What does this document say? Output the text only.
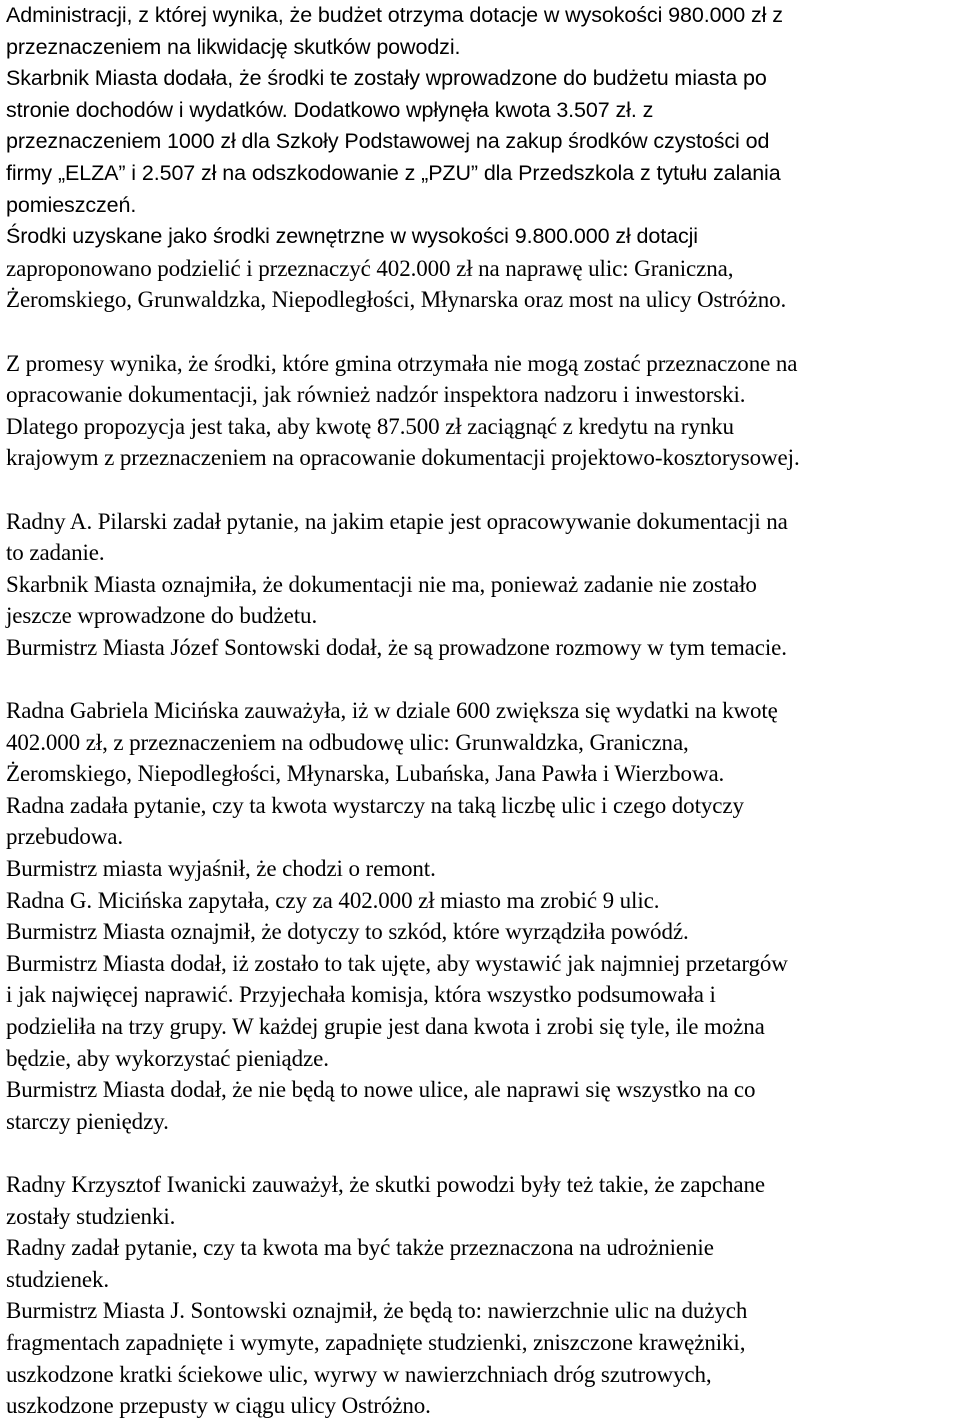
Administracji, z której wynika, że budżet otrzyma dotacje w wysokości 980.000 zł z
przeznaczeniem na likwidację skutków powodzi.
Skarbnik Miasta dodała, że środki te zostały wprowadzone do budżetu miasta po
stronie dochodów i wydatków. Dodatkowo wpłynęła kwota 3.507 zł. z
przeznaczeniem 1000 zł dla Szkoły Podstawowej na zakup środków czystości od
firmy „ELZA” i 2.507 zł na odszkodowanie z „PZU” dla Przedszkola z tytułu zalania
pomieszczeń.
Środki uzyskane jako środki zewnętrzne w wysokości 9.800.000 zł dotacji
zaproponowano podzielić i przeznaczyć 402.000 zł na naprawę ulic: Graniczna,
Żeromskiego, Grunwaldzka, Niepodległości, Młynarska oraz most na ulicy Ostróżno.
Z promesy wynika, że środki, które gmina otrzymała nie mogą zostać przeznaczone na
opracowanie dokumentacji, jak również nadzór inspektora nadzoru i inwestorski.
Dlatego propozycja jest taka, aby kwotę 87.500 zł zaciągnąć z kredytu na rynku
krajowym z przeznaczeniem na opracowanie dokumentacji projektowo-kosztorysowej.
Radny A. Pilarski zadał pytanie, na jakim etapie jest opracowywanie dokumentacji na
to zadanie.
Skarbnik Miasta oznajmiła, że dokumentacji nie ma, ponieważ zadanie nie zostało
jeszcze wprowadzone do budżetu.
Burmistrz Miasta Józef Sontowski dodał, że są prowadzone rozmowy w tym temacie.
Radna Gabriela Micińska zauważyła, iż w dziale 600 zwiększa się wydatki na kwotę
402.000 zł, z przeznaczeniem na odbudowę ulic: Grunwaldzka, Graniczna,
Żeromskiego, Niepodległości, Młynarska, Lubańska, Jana Pawła i Wierzbowa.
Radna zadała pytanie, czy ta kwota wystarczy na taką liczbę ulic i czego dotyczy
przebudowa.
Burmistrz miasta wyjaśnił, że chodzi o remont.
Radna G. Micińska zapytała, czy za 402.000 zł miasto ma zrobić 9 ulic.
Burmistrz Miasta oznajmił, że dotyczy to szkód, które wyrządziła powódź.
Burmistrz Miasta dodał, iż zostało to tak ujęte, aby wystawić jak najmniej przetargów
i jak najwięcej naprawić. Przyjechała komisja, która wszystko podsumowała i
podzieliła na trzy grupy. W każdej grupie jest dana kwota i zrobi się tyle, ile można
będzie, aby wykorzystać pieniądze.
Burmistrz Miasta dodał, że nie będą to nowe ulice, ale naprawi się wszystko na co
starczy pieniędzy.
Radny Krzysztof Iwanicki zauważył, że skutki powodzi były też takie, że zapchane
zostały studzienki.
Radny zadał pytanie, czy ta kwota ma być także przeznaczona na udrożnienie
studzienek.
Burmistrz Miasta J. Sontowski oznajmił, że będą to: nawierzchnie ulic na dużych
fragmentach zapadnięte i wymyte, zapadnięte studzienki, zniszczone krawężniki,
uszkodzone kratki ściekowe ulic, wyrwy w nawierzchniach dróg szutrowych,
uszkodzone przepusty w ciągu ulicy Ostróżno.
